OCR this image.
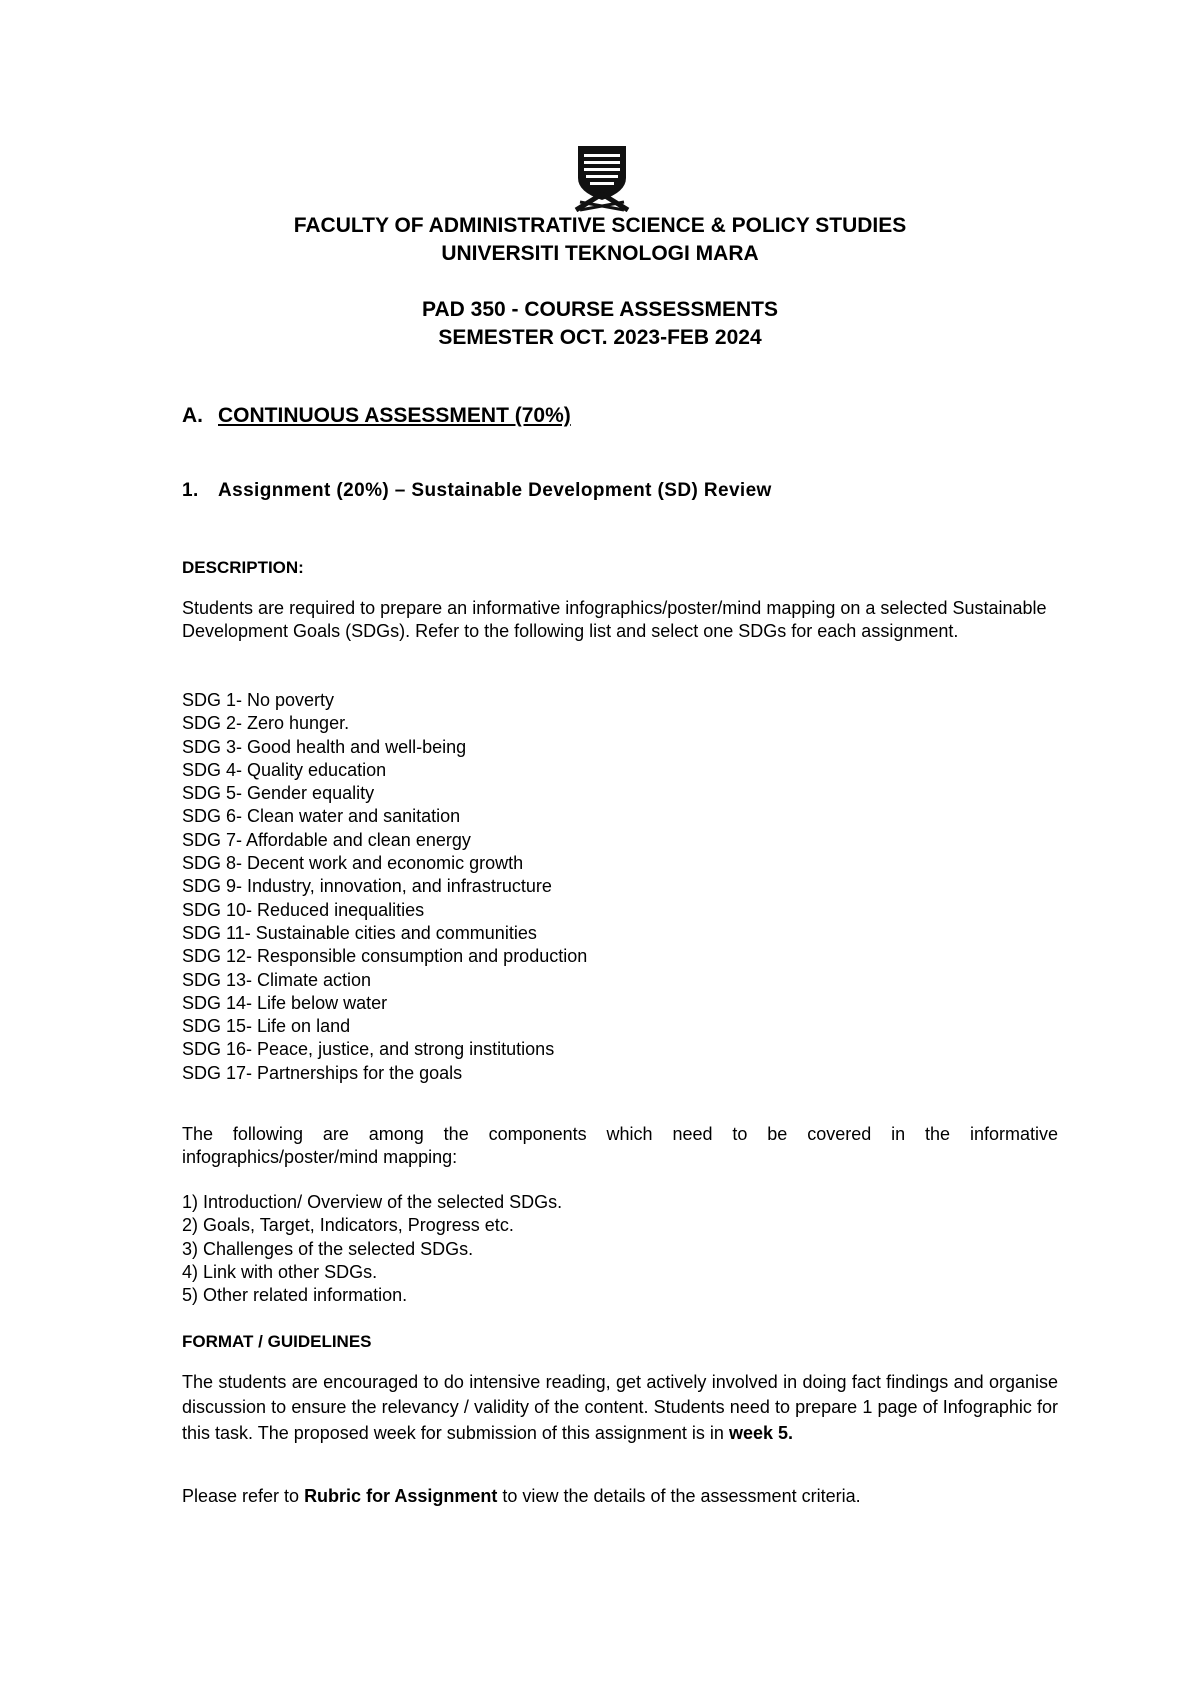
FACULTY OF ADMINISTRATIVE SCIENCE & POLICY STUDIES
UNIVERSITI TEKNOLOGI MARA
PAD 350 - COURSE ASSESSMENTS
SEMESTER OCT. 2023-FEB 2024
A. CONTINUOUS ASSESSMENT (70%)
1. Assignment (20%) – Sustainable Development (SD) Review
DESCRIPTION:
Students are required to prepare an informative infographics/poster/mind mapping on a selected Sustainable Development Goals (SDGs). Refer to the following list and select one SDGs for each assignment.
SDG 1- No poverty
SDG 2- Zero hunger.
SDG 3- Good health and well-being
SDG 4- Quality education
SDG 5- Gender equality
SDG 6- Clean water and sanitation
SDG 7- Affordable and clean energy
SDG 8- Decent work and economic growth
SDG 9- Industry, innovation, and infrastructure
SDG 10- Reduced inequalities
SDG 11- Sustainable cities and communities
SDG 12- Responsible consumption and production
SDG 13- Climate action
SDG 14- Life below water
SDG 15- Life on land
SDG 16- Peace, justice, and strong institutions
SDG 17- Partnerships for the goals
The following are among the components which need to be covered in the informative infographics/poster/mind mapping:
1) Introduction/ Overview of the selected SDGs.
2) Goals, Target, Indicators, Progress etc.
3) Challenges of the selected SDGs.
4) Link with other SDGs.
5) Other related information.
FORMAT / GUIDELINES
The students are encouraged to do intensive reading, get actively involved in doing fact findings and organise discussion to ensure the relevancy / validity of the content. Students need to prepare 1 page of Infographic for this task. The proposed week for submission of this assignment is in week 5.
Please refer to Rubric for Assignment to view the details of the assessment criteria.
